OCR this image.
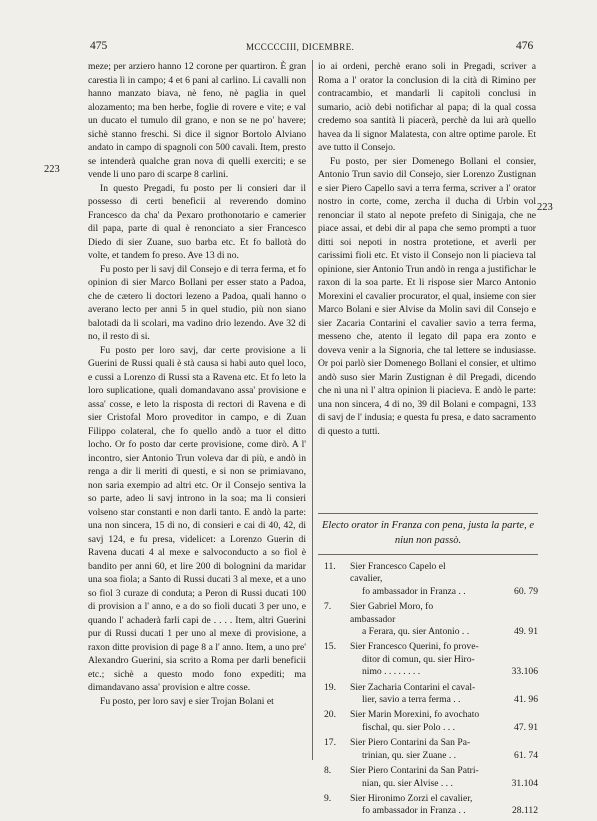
475	MCCCCCIII, DICEMBRE.	476
223
223

meze; per arziero hanno 12 corone per quartiron. È gran carestia lì in campo; 4 et 6 pani al carlino. Li cavalli non hanno manzato biava, nè feno, nè paglia in quel alozamento; ma ben herbe, foglie di rovere e vite; e val un ducato el tumulo dil grano, e non se ne po' havere; sichè stanno freschi. Si dice il signor Bortolo Alviano andato in campo di spagnoli con 500 cavali. Item, presto se intenderà qualche gran nova di quelli exerciti; e se vende li uno paro di scarpe 8 carlini.

In questo Pregadi, fu posto per li consieri dar il possesso di certi beneficii al reverendo domino Francesco da cha' da Pexaro prothonotario e camerier dil papa, parte di qual è renonciato a sier Francesco Diedo di sier Zuane, suo barba etc. Et fo ballotà do volte, et tandem fo preso. Ave 13 di no.

Fu posto per li savj dil Consejo e di terra ferma, et fo opinion di sier Marco Bollani per esser stato a Padoa, che de cætero li doctori lezeno a Padoa, quali hanno o averano lecto per anni 5 in quel studio, più non siano balotadi da li scolari, ma vadino drio lezendo. Ave 32 di no, il resto di si.

Fu posto per loro savj, dar certe provisione a li Guerini de Russi quali è stà causa si habi auto quel loco, e cussì a Lorenzo di Russi sta a Ravena etc. Et fo leto la loro suplicatione, quali domandavano assa' provisione e assa' cosse, e leto la risposta di rectori di Ravena e di sier Cristofal Moro proveditor in campo, e di Zuan Filippo colateral, che fo quello andò a tuor el ditto locho. Or fo posto dar certe provisione, come dirò. A l' incontro, sier Antonio Trun voleva dar di più, e andò in renga a dir li meriti di questi, e si non se primiavano, non saria exempio ad altri etc. Or il Consejo sentiva la so parte, adeo li savj introno in la soa; ma li consieri volseno star constanti e non darli tanto. E andò la parte: una non sincera, 15 di no, di consieri e cai di 40, 42, di savj 124, e fu presa, videlicet: a Lorenzo Guerin di Ravena ducati 4 al mexe e salvoconducto a so fiol è bandito per anni 60, et lire 200 di bolognini da maridar una soa fiola; a Santo di Russi ducati 3 al mexe, et a uno so fiol 3 curaze di conduta; a Peron di Russi ducati 100 di provision a l' anno, e a do so fioli ducati 3 per uno, e quando l' achaderà farli capi de . . . . Item, altri Guerini pur di Russi ducati 1 per uno al mexe di provisione, a raxon ditte provision di page 8 a l' anno. Item, a uno pre' Alexandro Guerini, sia scrito a Roma per darli beneficii etc.; sichè a questo modo fono expediti; ma dimandavano assa' provision e altre cosse.

Fu posto, per loro savj e sier Trojan Bolani et

io ai ordeni, perchè erano soli in Pregadi, scriver a Roma a l' orator la conclusion di la cità di Rimino per contracambio, et mandarli li capitoli conclusi in sumario, aciò debi notifichar al papa; di la qual cossa credemo soa santità li piacerà, perchè da lui arà quello havea da li signor Malatesta, con altre optime parole. Et ave tutto il Consejo.

Fu posto, per sier Domenego Bollani el consier, Antonio Trun savio dil Consejo, sier Lorenzo Zustignan e sier Piero Capello savi a terra ferma, scriver a l' orator nostro in corte, come, zercha il ducha di Urbin vol renonciar il stato al nepote prefeto di Sinigaja, che ne piace assai, et debi dir al papa che semo prompti a tuor ditti soi nepoti in nostra protetione, et averli per carissimi fioli etc. Et visto il Consejo non li piacieva tal opinione, sier Antonio Trun andò in renga a justifichar le raxon di la soa parte. Et li rispose sier Marco Antonio Morexini el cavalier procurator, el qual, insieme con sier Marco Bolani e sier Alvise da Molin savi dil Consejo e sier Zacaria Contarini el cavalier savio a terra ferma, messeno che, atento il legato dil papa era zonto e doveva venir a la Signoria, che tal lettere se indusiasse. Or poi parlò sier Domenego Bollani el consier, et ultimo andò suso sier Marin Zustignan è dil Pregadi, dicendo che nì una nì l' altra opinion li piacieva. E andò le parte: una non sincera, 4 di no, 39 dil Bolani e compagni, 133 di savj de l' indusia; e questa fu presa, e dato sacramento di questo a tutti.

Electo orator in Franza con pena, justa la parte, e niun non passò.
11.	Sier Francesco Capelo el cavalier,
fo ambassador in Franza . .	60. 79
7.	Sier Gabriel Moro, fo ambassador
a Ferara, qu. sier Antonio . .	49. 91
15.	Sier Francesco Querini, fo prove-
ditor di comun, qu. sier Hiro-
nimo . . . . . . . .	33.106
19.	Sier Zacharia Contarini el caval-
lier, savio a terra ferma . .	41. 96
20.	Sier Marin Morexini, fo avochato
fischal, qu. sier Polo . . .	47. 91
17.	Sier Piero Contarini da San Pa-
trinian, qu. sier Zuane . .	61. 74
8.	Sier Piero Contarini da San Patri-
nian, qu. sier Alvise . . .	31.104
9.	Sier Hironimo Zorzi el cavalier,
fo ambassador in Franza . .	28.112
